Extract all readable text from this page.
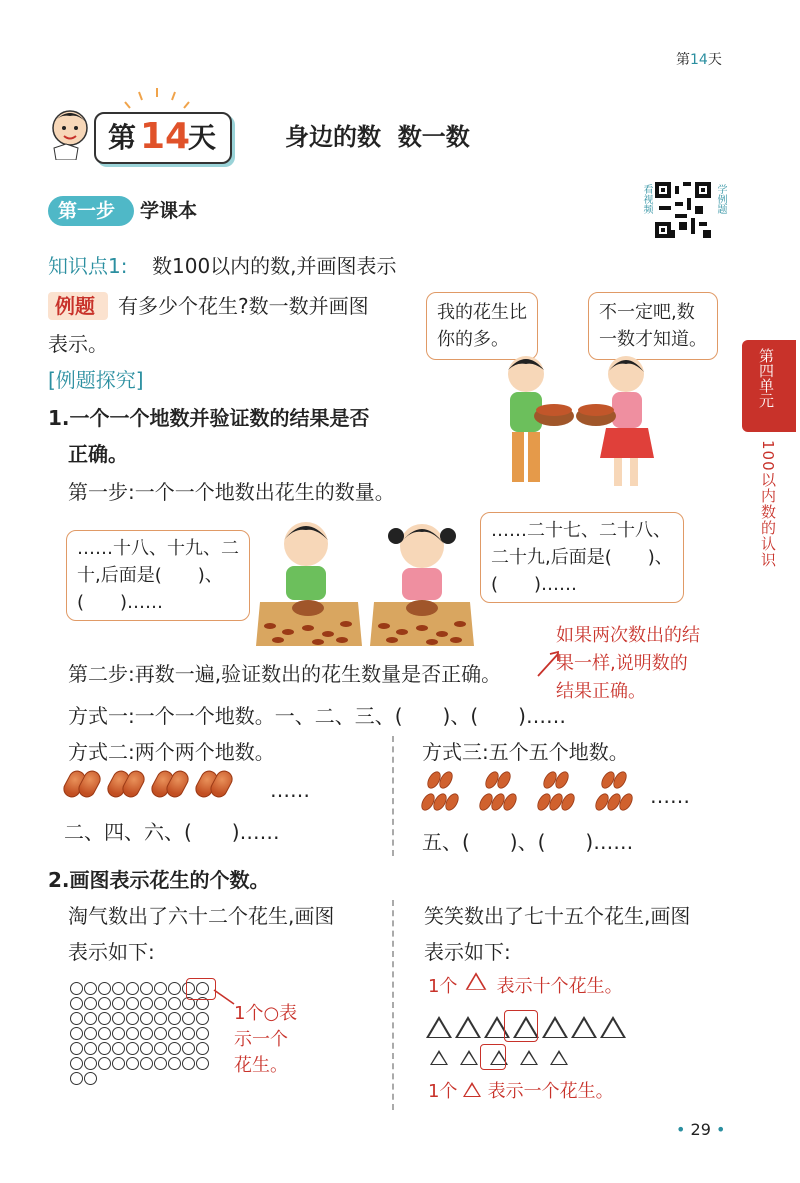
第14天
第 14
天	身边的数  数一数
第一步 学课本	看视频	学例题
第四单元
100以内数的认识
知识点1: 数100以内的数,并画图表示
例题 有多少个花生?数一数并画图
表示。
[例题探究]
我的花生比
你的多。
不一定吧,数
一数才知道。
1.一个一个地数并验证数的结果是否
正确。
第一步:一个一个地数出花生的数量。
……十八、十九、二
十,后面是(　　)、
(　　)……
……二十七、二十八、
二十九,后面是(　　)、
(　　)……
如果两次数出的结
果一样,说明数的
结果正确。
第二步:再数一遍,验证数出的花生数量是否正确。
方式一:一个一个地数。一、二、三、(　　)、(　　)……
方式二:两个两个地数。
……
二、四、六、(　　)……
方式三:五个五个地数。
……
五、(　　)、(　　)……
2.画图表示花生的个数。
淘气数出了六十二个花生,画图
表示如下:
1个○表
示一个
花生。
笑笑数出了七十五个花生,画图
表示如下:
1个 表示十个花生。
1个 表示一个花生。
• 29 •
